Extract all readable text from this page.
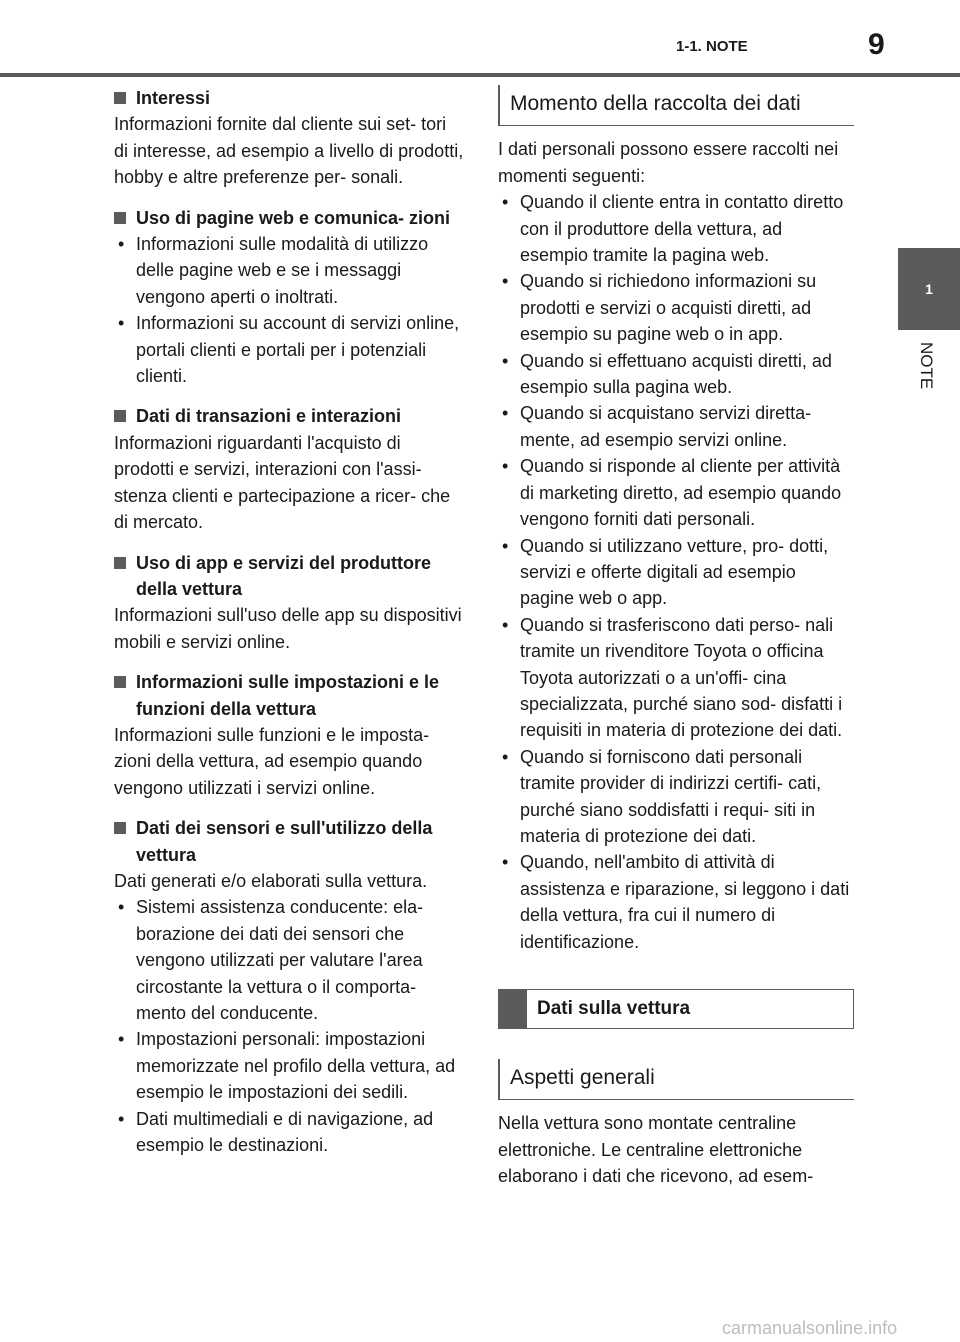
1-1. NOTE	9
1
NOTE
Interessi

Informazioni fornite dal cliente sui set- tori di interesse, ad esempio a livello di prodotti, hobby e altre preferenze per- sonali.

Uso di pagine web e comunica- zioni
• Informazioni sulle modalità di utilizzo delle pagine web e se i messaggi vengono aperti o inoltrati.
• Informazioni su account di servizi online, portali clienti e portali per i potenziali clienti.
Dati di transazioni e interazioni

Informazioni riguardanti l'acquisto di prodotti e servizi, interazioni con l'assi- stenza clienti e partecipazione a ricer- che di mercato.

Uso di app e servizi del produttore della vettura

Informazioni sull'uso delle app su dispositivi mobili e servizi online.

Informazioni sulle impostazioni e le funzioni della vettura

Informazioni sulle funzioni e le imposta- zioni della vettura, ad esempio quando vengono utilizzati i servizi online.

Dati dei sensori e sull'utilizzo della vettura

Dati generati e/o elaborati sulla vettura.

• Sistemi assistenza conducente: ela- borazione dei dati dei sensori che vengono utilizzati per valutare l'area circostante la vettura o il comporta- mento del conducente.
• Impostazioni personali: impostazioni memorizzate nel profilo della vettura, ad esempio le impostazioni dei sedili.
• Dati multimediali e di navigazione, ad esempio le destinazioni.
Momento della raccolta dei dati

I dati personali possono essere raccolti nei momenti seguenti:

• Quando il cliente entra in contatto diretto con il produttore della vettura, ad esempio tramite la pagina web.
• Quando si richiedono informazioni su prodotti e servizi o acquisti diretti, ad esempio su pagine web o in app.
• Quando si effettuano acquisti diretti, ad esempio sulla pagina web.
• Quando si acquistano servizi diretta- mente, ad esempio servizi online.
• Quando si risponde al cliente per attività di marketing diretto, ad esempio quando vengono forniti dati personali.
• Quando si utilizzano vetture, pro- dotti, servizi e offerte digitali ad esempio pagine web o app.
• Quando si trasferiscono dati perso- nali tramite un rivenditore Toyota o officina Toyota autorizzati o a un'offi- cina specializzata, purché siano sod- disfatti i requisiti in materia di protezione dei dati.
• Quando si forniscono dati personali tramite provider di indirizzi certifi- cati, purché siano soddisfatti i requi- siti in materia di protezione dei dati.
• Quando, nell'ambito di attività di assistenza e riparazione, si leggono i dati della vettura, fra cui il numero di identificazione.
Dati sulla vettura
Aspetti generali

Nella vettura sono montate centraline elettroniche. Le centraline elettroniche elaborano i dati che ricevono, ad esem-

carmanualsonline.info
